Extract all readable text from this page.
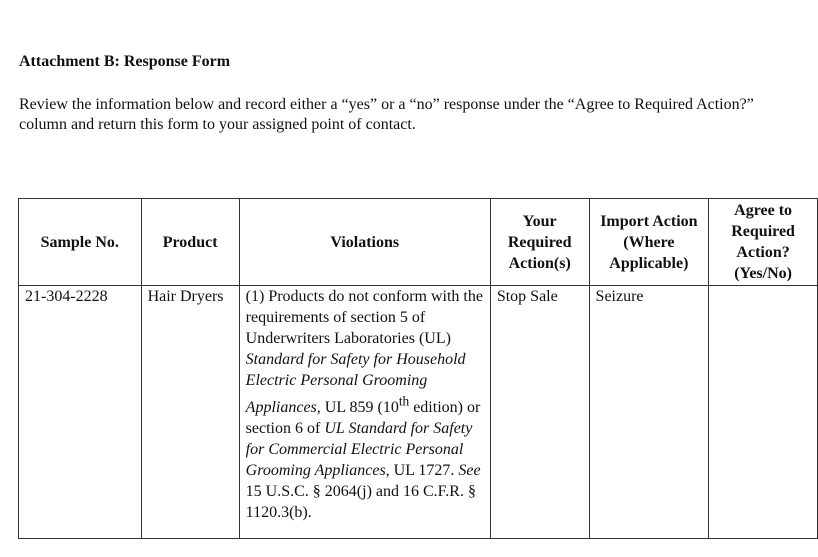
Attachment B: Response Form

Review the information below and record either a “yes” or a “no” response under the “Agree to Required Action?” column and return this form to your assigned point of contact.

Sample No.	Product	Violations	Your Required Action(s)	Import Action (Where Applicable)	Agree to Required Action? (Yes/No)
21-304-2228	Hair Dryers	(1) Products do not conform with the requirements of section 5 of Underwriters Laboratories (UL) Standard for Safety for Household Electric Personal Grooming Appliances, UL 859 (10th edition) or section 6 of UL Standard for Safety for Commercial Electric Personal Grooming Appliances, UL 1727. See 15 U.S.C. § 2064(j) and 16 C.F.R. § 1120.3(b).	Stop Sale	Seizure	
